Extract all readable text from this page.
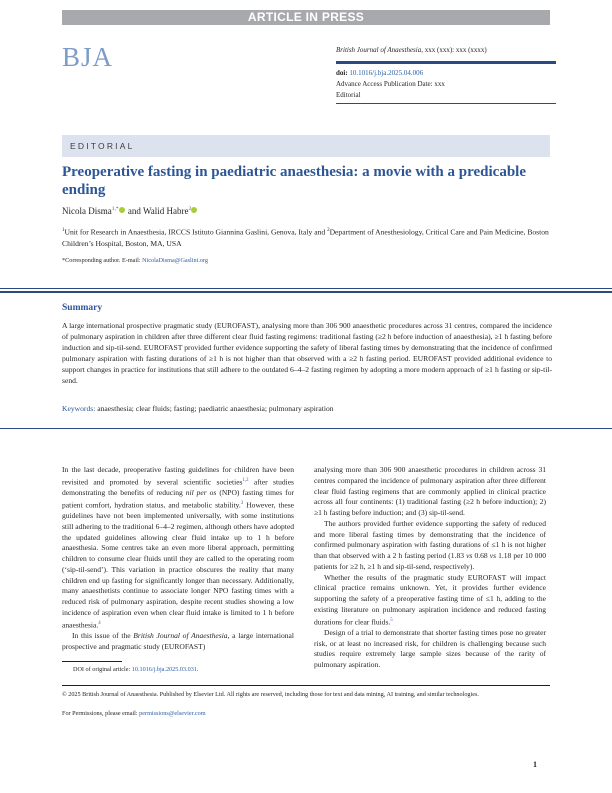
ARTICLE IN PRESS
BJA	British Journal of Anaesthesia, xxx (xxx): xxx (xxxx)
doi: 10.1016/j.bja.2025.04.006
Advance Access Publication Date: xxx
Editorial
EDITORIAL
Preoperative fasting in paediatric anaesthesia: a movie with a predicable ending
Nicola Disma$^{1,*}$ and Walid Habre$^2$
$^1$Unit for Research in Anaesthesia, IRCCS Istituto Giannina Gaslini, Genova, Italy and $^2$Department of Anesthesiology, Critical Care and Pain Medicine, Boston Children’s Hospital, Boston, MA, USA
*Corresponding author. E-mail: NicolaDisma@Gaslini.org
Summary
A large international prospective pragmatic study (EUROFAST), analysing more than 306 900 anaesthetic procedures across 31 centres, compared the incidence of pulmonary aspiration in children after three different clear fluid fasting regimens: traditional fasting (≥2 h before induction of anaesthesia), ≥1 h fasting before induction and sip-til-send. EUROFAST provided further evidence supporting the safety of liberal fasting times by demonstrating that the incidence of confirmed pulmonary aspiration with fasting durations of ≥1 h is not higher than that observed with a ≥2 h fasting period. EUROFAST provided additional evidence to support changes in practice for institutions that still adhere to the outdated 6–4–2 fasting regimen by adopting a more modern approach of ≥1 h fasting or sip-til-send.
Keywords: anaesthesia; clear fluids; fasting; paediatric anaesthesia; pulmonary aspiration

In the last decade, preoperative fasting guidelines for children have been revisited and promoted by several scientific societies$^{1,2}$ after studies demonstrating the benefits of reducing nil per os (NPO) fasting times for patient comfort, hydration status, and metabolic stability.$^3$ However, these guidelines have not been implemented universally, with some institutions still adhering to the traditional 6–4–2 regimen, although others have adopted the updated guidelines allowing clear fluid intake up to 1 h before anaesthesia. Some centres take an even more liberal approach, permitting children to consume clear fluids until they are called to the operating room (‘sip-til-send’). This variation in practice obscures the reality that many children end up fasting for significantly longer than necessary. Additionally, many anaesthetists continue to associate longer NPO fasting times with a reduced risk of pulmonary aspiration, despite recent studies showing a low incidence of aspiration even when clear fluid intake is limited to 1 h before anaesthesia.$^4$

In this issue of the British Journal of Anaesthesia, a large international prospective and pragmatic study (EUROFAST)

analysing more than 306 900 anaesthetic procedures in children across 31 centres compared the incidence of pulmonary aspiration after three different clear fluid fasting regimens that are commonly applied in clinical practice across all four continents: (1) traditional fasting (≥2 h before induction); 2) ≥1 h fasting before induction; and (3) sip-til-send.

The authors provided further evidence supporting the safety of reduced and more liberal fasting times by demonstrating that the incidence of confirmed pulmonary aspiration with fasting durations of ≤1 h is not higher than that observed with a 2 h fasting period (1.83 vs 0.68 vs 1.18 per 10 000 patients for ≥2 h, ≥1 h and sip-til-send, respectively).

Whether the results of the pragmatic study EUROFAST will impact clinical practice remains unknown. Yet, it provides further evidence supporting the safety of a preoperative fasting time of ≤1 h, adding to the existing literature on pulmonary aspiration incidence and reduced fasting durations for clear fluids.$^5$

Design of a trial to demonstrate that shorter fasting times pose no greater risk, or at least no increased risk, for children is challenging because such studies require extremely large sample sizes because of the rarity of pulmonary aspiration.

DOI of original article: 10.1016/j.bja.2025.03.031.
© 2025 British Journal of Anaesthesia. Published by Elsevier Ltd. All rights are reserved, including those for text and data mining, AI training, and similar technologies.
For Permissions, please email: permissions@elsevier.com
1
